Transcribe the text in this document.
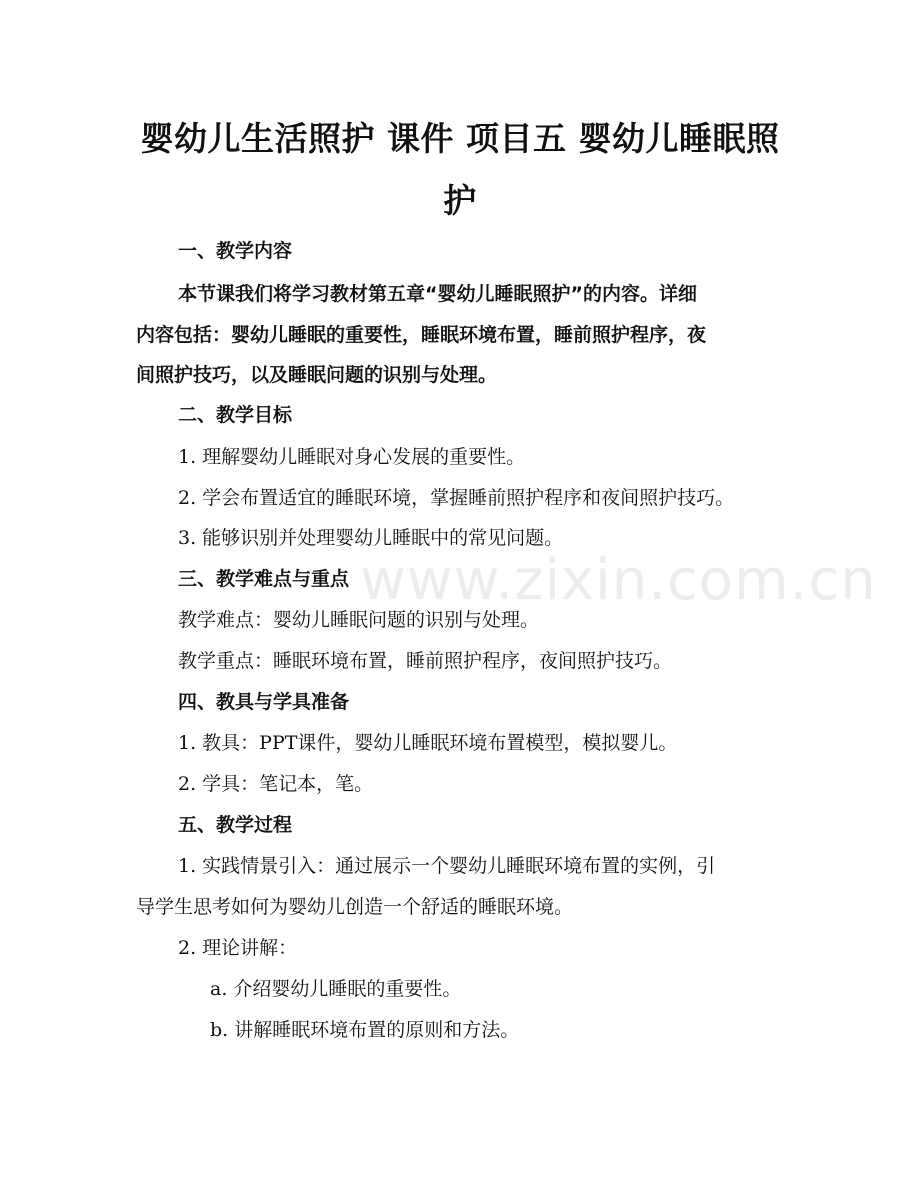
www.zixin.com.cn
婴幼儿生活照护 课件 项目五 婴幼儿睡眠照护
一、教学内容
本节课我们将学习教材第五章“婴幼儿睡眠照护”的内容。详细
内容包括：婴幼儿睡眠的重要性，睡眠环境布置，睡前照护程序，夜
间照护技巧，以及睡眠问题的识别与处理。
二、教学目标
1. 理解婴幼儿睡眠对身心发展的重要性。
2. 学会布置适宜的睡眠环境，掌握睡前照护程序和夜间照护技巧。
3. 能够识别并处理婴幼儿睡眠中的常见问题。
三、教学难点与重点
教学难点：婴幼儿睡眠问题的识别与处理。
教学重点：睡眠环境布置，睡前照护程序，夜间照护技巧。
四、教具与学具准备
1. 教具：PPT课件，婴幼儿睡眠环境布置模型，模拟婴儿。
2. 学具：笔记本，笔。
五、教学过程
1. 实践情景引入：通过展示一个婴幼儿睡眠环境布置的实例，引
导学生思考如何为婴幼儿创造一个舒适的睡眠环境。
2. 理论讲解：
a. 介绍婴幼儿睡眠的重要性。
b. 讲解睡眠环境布置的原则和方法。
